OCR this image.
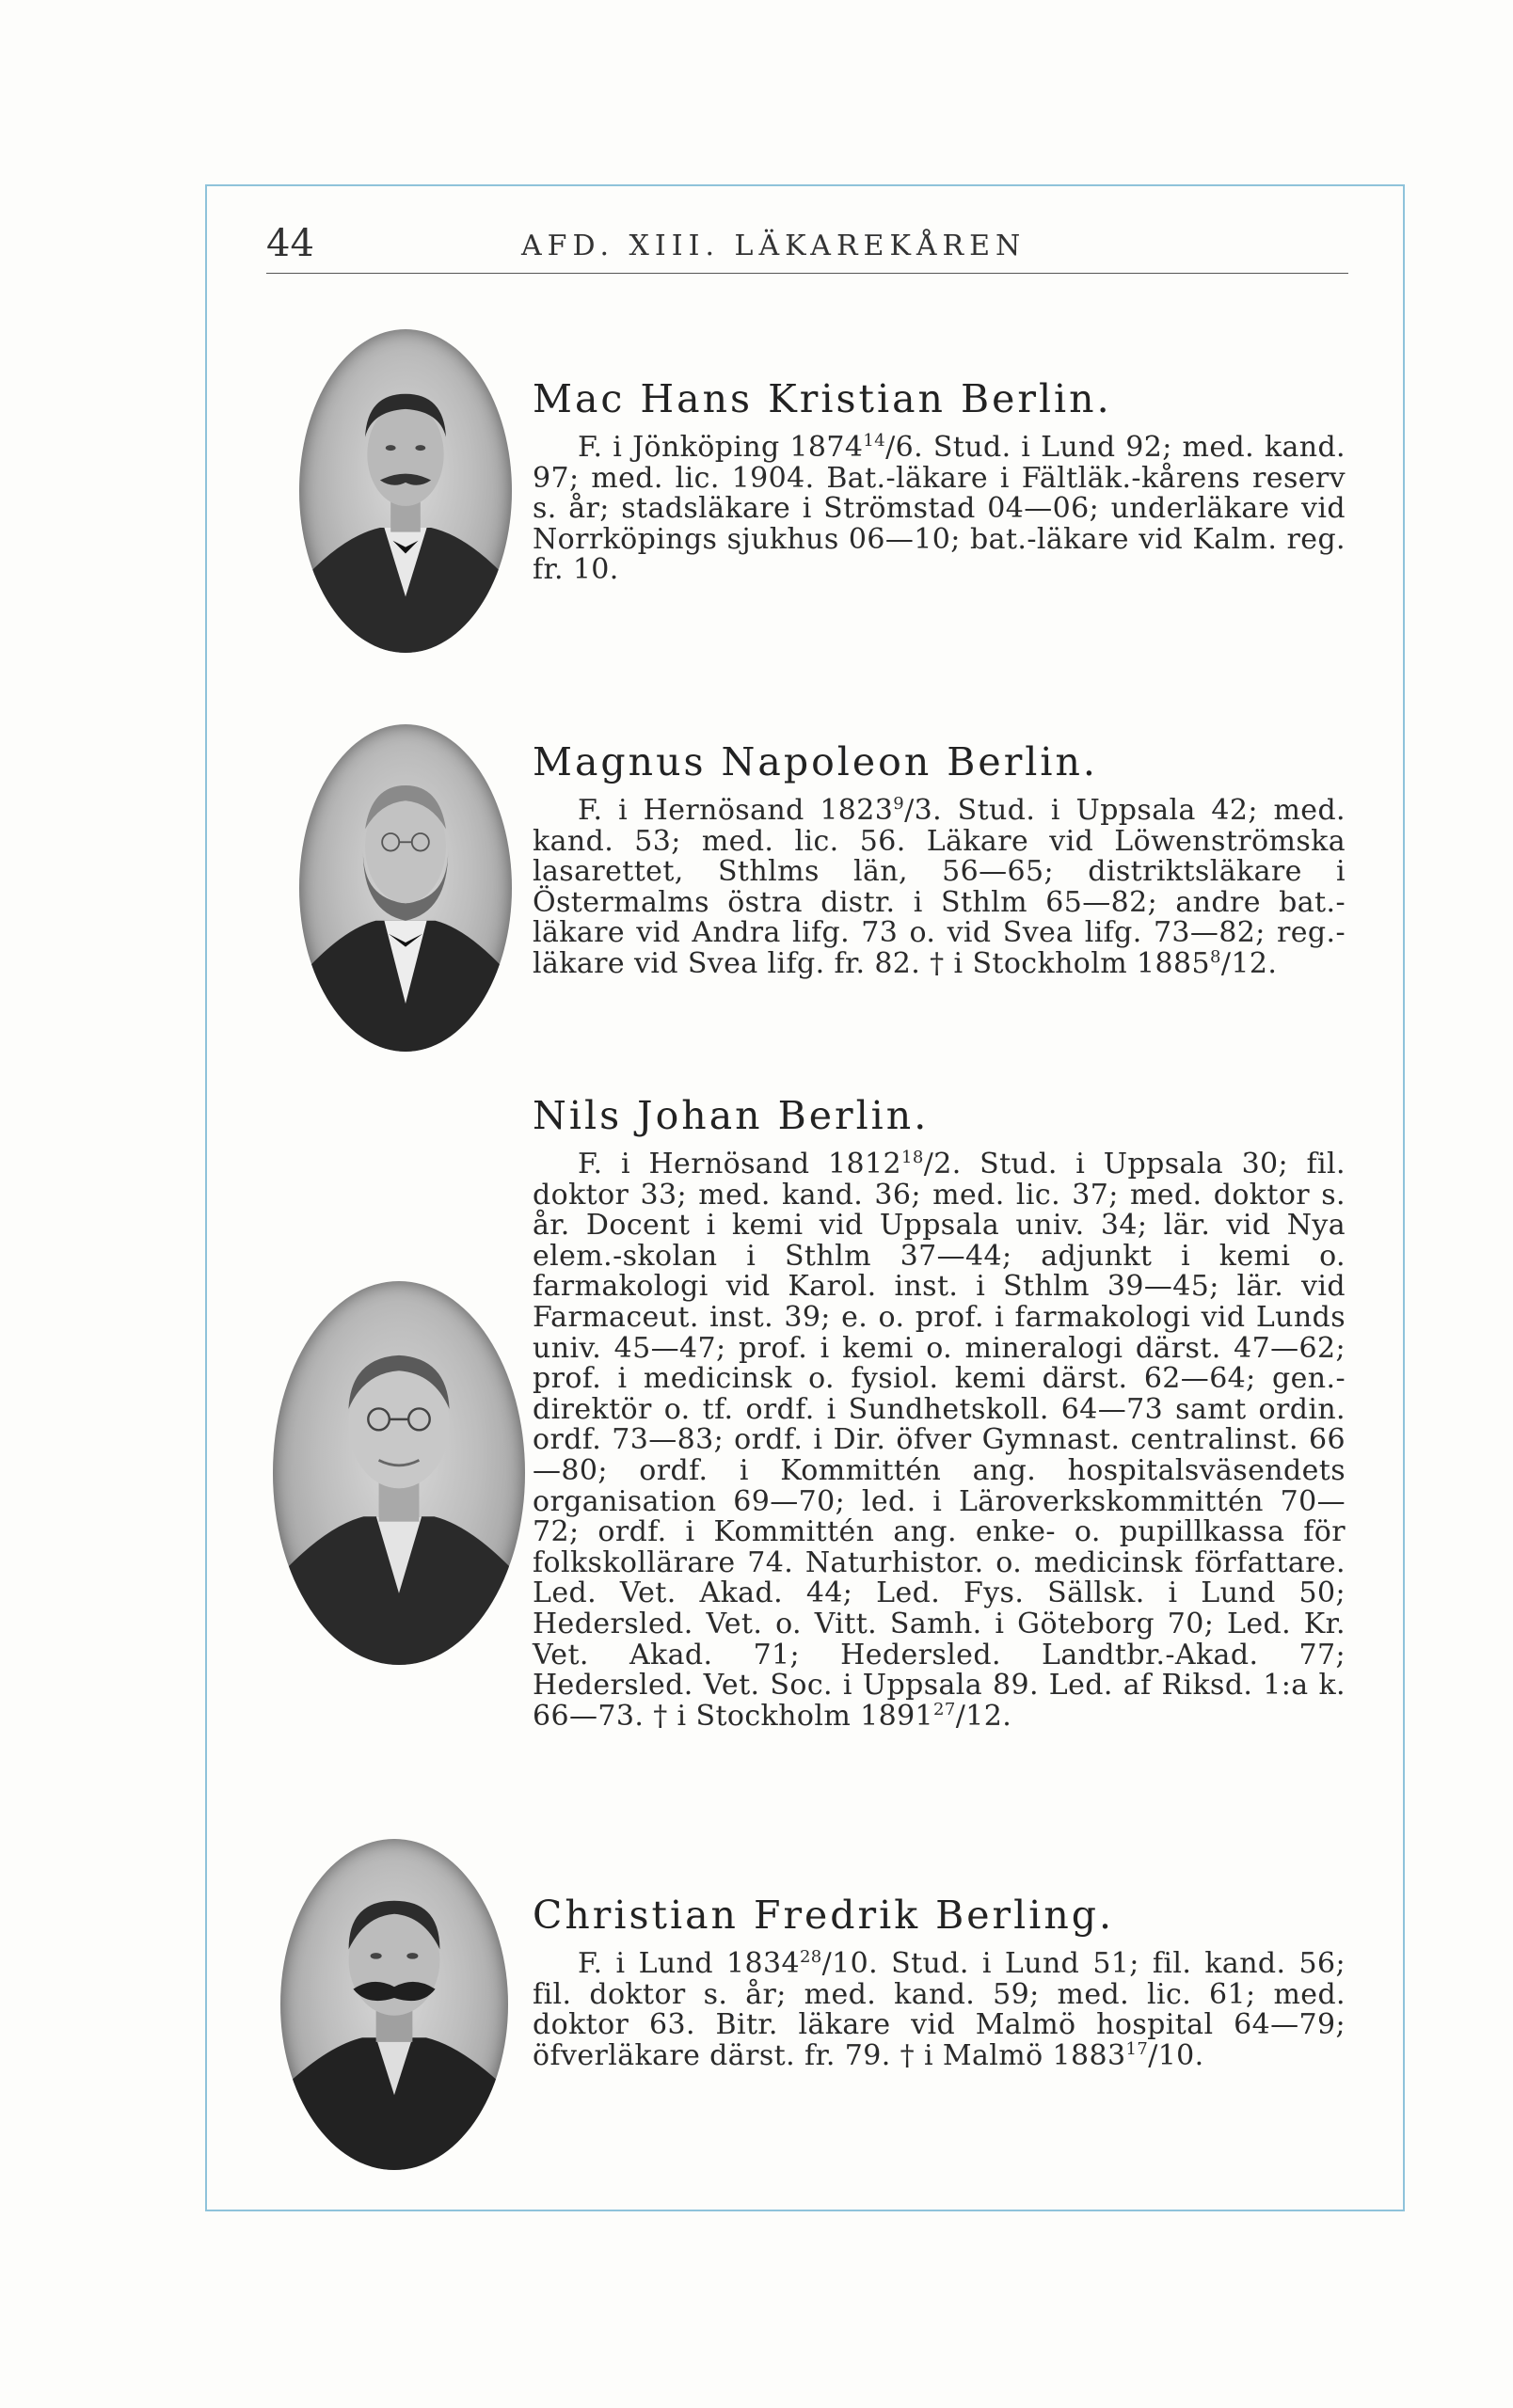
44	AFD. XIII. LÄKAREKÅREN
Mac Hans Kristian Berlin.

F. i Jönköping 1874$^{14}$/6. Stud. i Lund 92; med. kand. 97; med. lic. 1904. Bat.-läkare i Fältläk.-kårens reserv s. år; stadsläkare i Strömstad 04—06; underläkare vid Norrköpings sjukhus 06—10; bat.-läkare vid Kalm. reg. fr. 10.

Magnus Napoleon Berlin.

F. i Hernösand 1823$^9$/3. Stud. i Uppsala 42; med. kand. 53; med. lic. 56. Läkare vid Löwenströmska lasarettet, Sthlms län, 56—65; distriktsläkare i Östermalms östra distr. i Sthlm 65—82; andre bat.-läkare vid Andra lifg. 73 o. vid Svea lifg. 73—82; reg.-läkare vid Svea lifg. fr. 82. † i Stockholm 1885$^8$/12.

Nils Johan Berlin.

F. i Hernösand 1812$^{18}$/2. Stud. i Uppsala 30; fil. doktor 33; med. kand. 36; med. lic. 37; med. doktor s. år. Docent i kemi vid Uppsala univ. 34; lär. vid Nya elem.-skolan i Sthlm 37—44; adjunkt i kemi o. farmakologi vid Karol. inst. i Sthlm 39—45; lär. vid Farmaceut. inst. 39; e. o. prof. i farmakologi vid Lunds univ. 45—47; prof. i kemi o. mineralogi därst. 47—62; prof. i medicinsk o. fysiol. kemi därst. 62—64; gen.-direktör o. tf. ordf. i Sundhetskoll. 64—73 samt ordin. ordf. 73—83; ordf. i Dir. öfver Gymnast. centralinst. 66—80; ordf. i Kommittén ang. hospitalsväsendets organisation 69—70; led. i Läroverkskommittén 70—72; ordf. i Kommittén ang. enke- o. pupillkassa för folkskollärare 74. Naturhistor. o. medicinsk författare. Led. Vet. Akad. 44; Led. Fys. Sällsk. i Lund 50; Hedersled. Vet. o. Vitt. Samh. i Göteborg 70; Led. Kr. Vet. Akad. 71; Hedersled. Landtbr.-Akad. 77; Hedersled. Vet. Soc. i Uppsala 89. Led. af Riksd. 1:a k. 66—73. † i Stockholm 1891$^{27}$/12.

Christian Fredrik Berling.

F. i Lund 1834$^{28}$/10. Stud. i Lund 51; fil. kand. 56; fil. doktor s. år; med. kand. 59; med. lic. 61; med. doktor 63. Bitr. läkare vid Malmö hospital 64—79; öfverläkare därst. fr. 79. † i Malmö 1883$^{17}$/10.
